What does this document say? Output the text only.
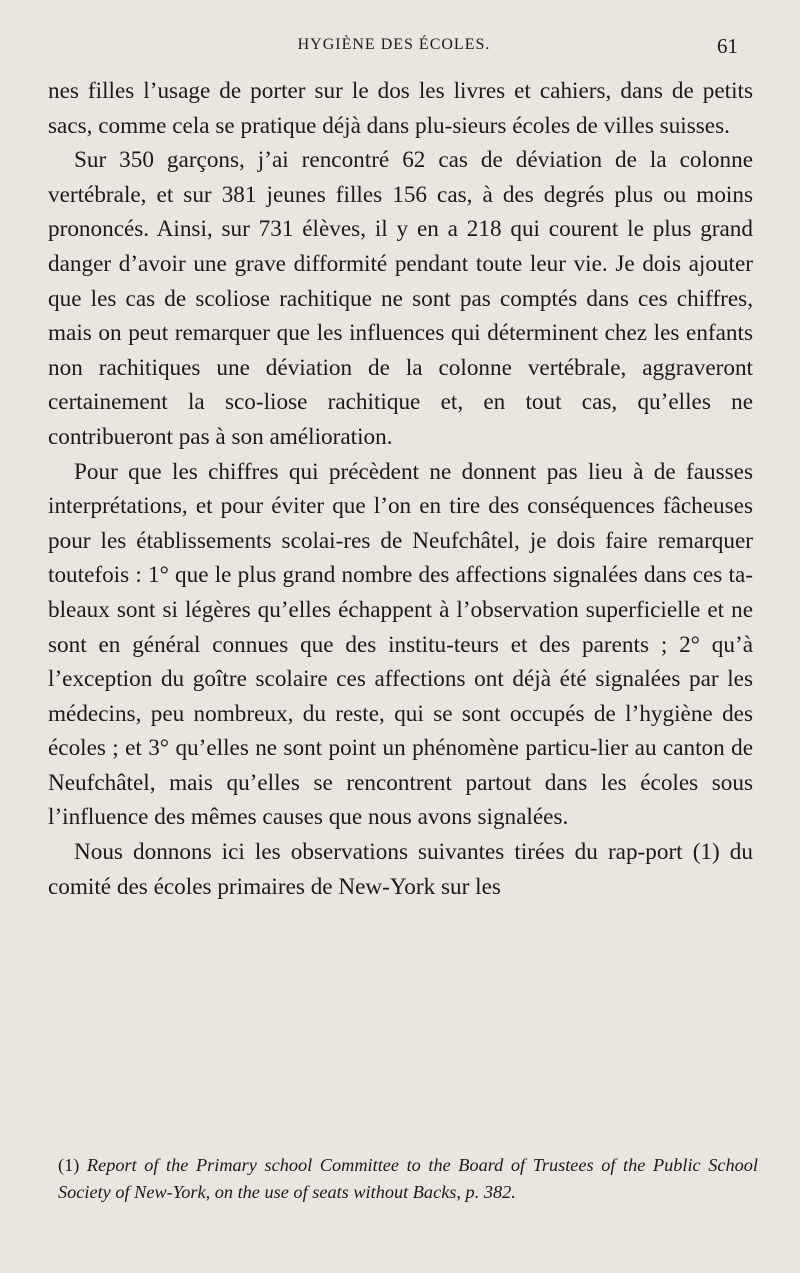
HYGIÈNE DES ÉCOLES.	61

nes filles l’usage de porter sur le dos les livres et cahiers, dans de petits sacs, comme cela se pratique déjà dans plu-sieurs écoles de villes suisses.

Sur 350 garçons, j’ai rencontré 62 cas de déviation de la colonne vertébrale, et sur 381 jeunes filles 156 cas, à des degrés plus ou moins prononcés. Ainsi, sur 731 élèves, il y en a 218 qui courent le plus grand danger d’avoir une grave difformité pendant toute leur vie. Je dois ajouter que les cas de scoliose rachitique ne sont pas comptés dans ces chiffres, mais on peut remarquer que les influences qui déterminent chez les enfants non rachitiques une déviation de la colonne vertébrale, aggraveront certainement la sco-liose rachitique et, en tout cas, qu’elles ne contribueront pas à son amélioration.

Pour que les chiffres qui précèdent ne donnent pas lieu à de fausses interprétations, et pour éviter que l’on en tire des conséquences fâcheuses pour les établissements scolai-res de Neufchâtel, je dois faire remarquer toutefois : 1° que le plus grand nombre des affections signalées dans ces ta-bleaux sont si légères qu’elles échappent à l’observation superficielle et ne sont en général connues que des institu-teurs et des parents ; 2° qu’à l’exception du goître scolaire ces affections ont déjà été signalées par les médecins, peu nombreux, du reste, qui se sont occupés de l’hygiène des écoles ; et 3° qu’elles ne sont point un phénomène particu-lier au canton de Neufchâtel, mais qu’elles se rencontrent partout dans les écoles sous l’influence des mêmes causes que nous avons signalées.

Nous donnons ici les observations suivantes tirées du rap-port (1) du comité des écoles primaires de New-York sur les

(1) Report of the Primary school Committee to the Board of Trustees of the Public School Society of New-York, on the use of seats without Backs, p. 382.
